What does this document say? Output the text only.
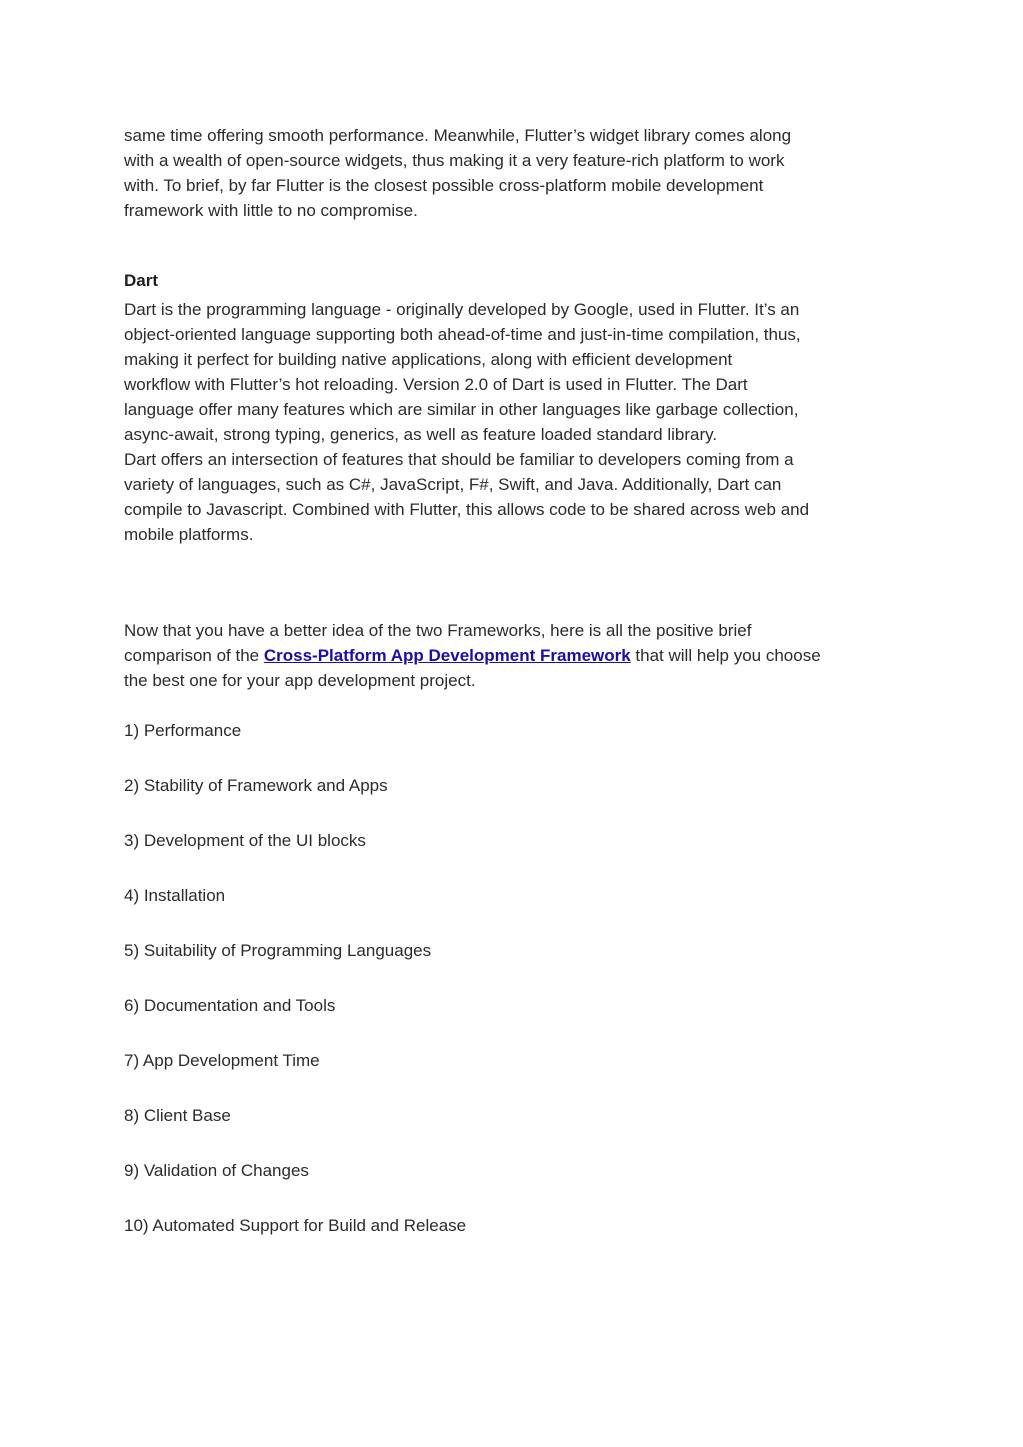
same time offering smooth performance. Meanwhile, Flutter’s widget library comes along
with a wealth of open-source widgets, thus making it a very feature-rich platform to work
with. To brief, by far Flutter is the closest possible cross-platform mobile development
framework with little to no compromise.

Dart

Dart is the programming language - originally developed by Google, used in Flutter. It’s an
object-oriented language supporting both ahead-of-time and just-in-time compilation, thus,
making it perfect for building native applications, along with efficient development
workflow with Flutter’s hot reloading. Version 2.0 of Dart is used in Flutter. The Dart
language offer many features which are similar in other languages like garbage collection,
async-await, strong typing, generics, as well as feature loaded standard library.

Dart offers an intersection of features that should be familiar to developers coming from a
variety of languages, such as C#, JavaScript, F#, Swift, and Java. Additionally, Dart can
compile to Javascript. Combined with Flutter, this allows code to be shared across web and
mobile platforms.

Now that you have a better idea of the two Frameworks, here is all the positive brief
comparison of the Cross-Platform App Development Framework that will help you choose
the best one for your app development project.

1) Performance
2) Stability of Framework and Apps
3) Development of the UI blocks
4) Installation
5) Suitability of Programming Languages
6) Documentation and Tools
7) App Development Time
8) Client Base
9) Validation of Changes
10) Automated Support for Build and Release
